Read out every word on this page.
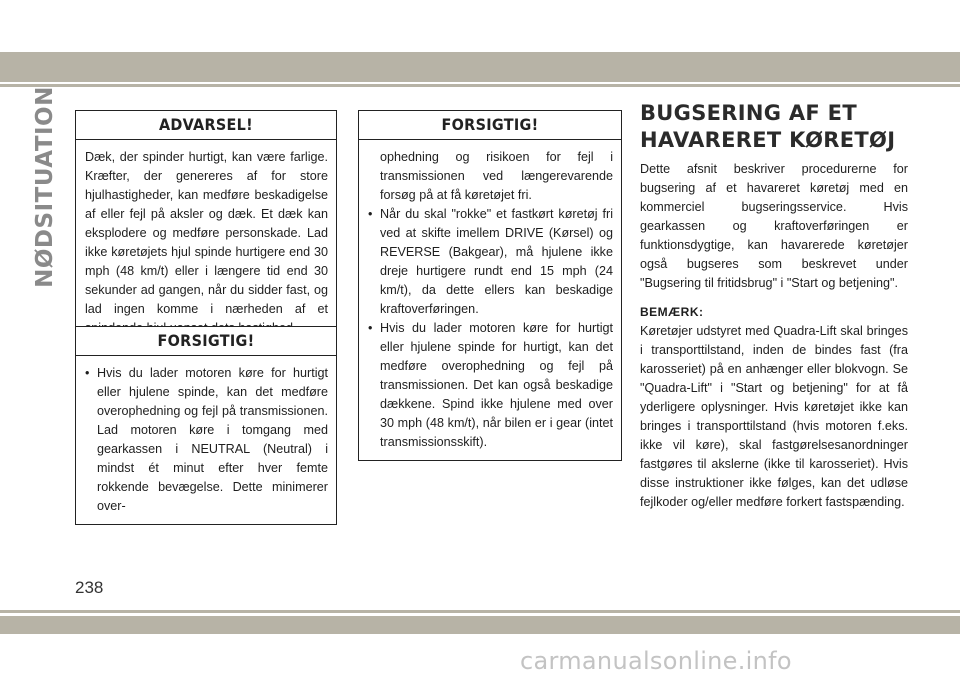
NØDSITUATION	ADVARSEL!

Dæk, der spinder hurtigt, kan være farlige. Kræfter, der genereres af for store hjulhastigheder, kan medføre beskadigelse af eller fejl på aksler og dæk. Et dæk kan eksplodere og medføre personskade. Lad ikke køretøjets hjul spinde hurtigere end 30 mph (48 km/t) eller i længere tid end 30 sekunder ad gangen, når du sidder fast, og lad ingen komme i nærheden af et

FORSIGTIG!
• Hvis du lader motoren køre for hurtigt eller hjulene spinde, kan det medføre overophedning og fejl på transmissionen. Lad motoren køre i tomgang med gearkassen i NEUTRAL (Neutral) i mindst ét minut efter hver femte rokkende bevægelse. Dette minimerer over-
FORSIGTIG!
ophedning og risikoen for fejl i transmissionen ved længerevarende forsøg på at få køretøjet fri.
• Når du skal "rokke" et fastkørt køretøj fri ved at skifte imellem DRIVE (Kørsel) og REVERSE (Bakgear), må hjulene ikke dreje hurtigere rundt end 15 mph (24 km/t), da dette ellers kan beskadige kraftoverføringen.
• Hvis du lader motoren køre for hurtigt eller hjulene spinde for hurtigt, kan det medføre overophedning og fejl på transmissionen. Det kan også beskadige dækkene. Spind ikke hjulene med over 30 mph (48 km/t), når bilen er i gear (intet transmissionsskift).
BUGSERING AF ET HAVARERET KØRETØJ

Dette afsnit beskriver procedurerne for bugsering af et havareret køretøj med en kommerciel bugseringsservice. Hvis gearkassen og kraftoverføringen er funktionsdygtige, kan havarerede køretøjer også bugseres som beskrevet under "Bugsering til fritidsbrug" i "Start og betjening".

BEMÆRK:

Køretøjer udstyret med Quadra-Lift skal bringes i transporttilstand, inden de bindes fast (fra karosseriet) på en anhænger eller blokvogn. Se "Quadra-Lift" i "Start og betjening" for at få yderligere oplysninger. Hvis køretøjet ikke kan bringes i transporttilstand (hvis motoren f.eks. ikke vil køre), skal fastgørelsesanordninger fastgøres til akslerne (ikke til karosseriet). Hvis disse instruktioner ikke følges, kan det udløse fejlkoder og/eller medføre forkert fastspænding.

238
carmanualsonline.info
